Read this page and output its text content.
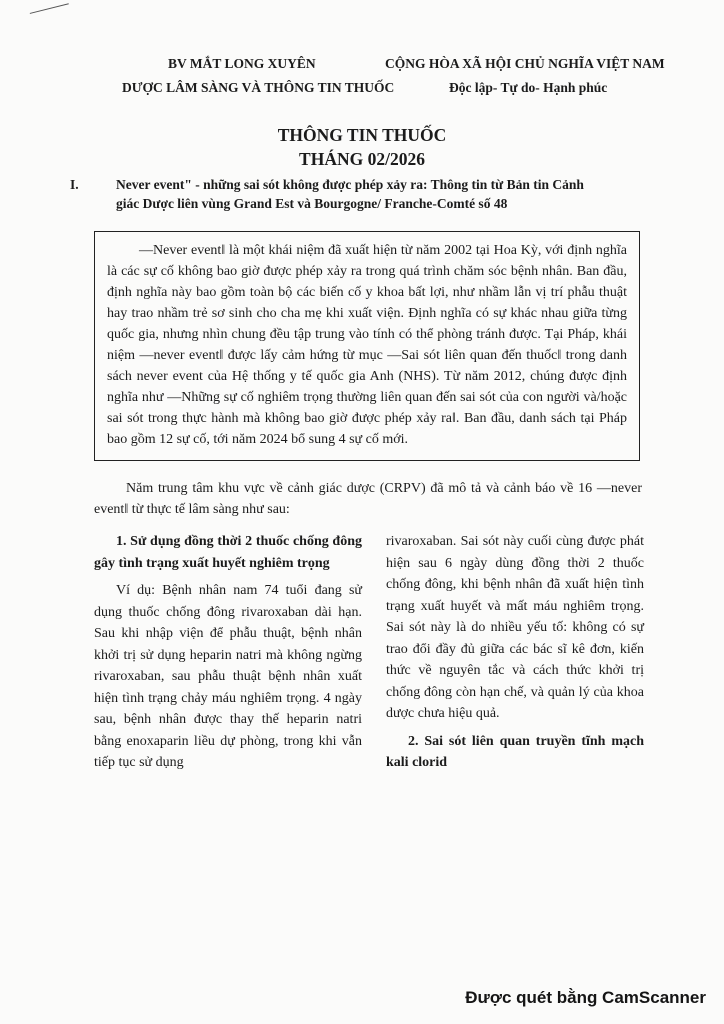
BV MẮT LONG XUYÊN
DƯỢC LÂM SÀNG VÀ THÔNG TIN THUỐC
CỘNG HÒA XÃ HỘI CHỦ NGHĨA VIỆT NAM
Độc lập- Tự do- Hạnh phúc
THÔNG TIN THUỐC
THÁNG 02/2026
I.	Never event" - những sai sót không được phép xảy ra: Thông tin từ Bản tin Cảnh giác Dược liên vùng Grand Est và Bourgogne/ Franche-Comté số 48

―Never eventǁ là một khái niệm đã xuất hiện từ năm 2002 tại Hoa Kỳ, với định nghĩa là các sự cố không bao giờ được phép xảy ra trong quá trình chăm sóc bệnh nhân. Ban đầu, định nghĩa này bao gồm toàn bộ các biến cố y khoa bất lợi, như nhầm lẫn vị trí phẫu thuật hay trao nhầm trẻ sơ sinh cho cha mẹ khi xuất viện. Định nghĩa có sự khác nhau giữa từng quốc gia, nhưng nhìn chung đều tập trung vào tính có thể phòng tránh được. Tại Pháp, khái niệm ―never eventǁ được lấy cảm hứng từ mục ―Sai sót liên quan đến thuốcǁ trong danh sách never event của Hệ thống y tế quốc gia Anh (NHS). Từ năm 2012, chúng được định nghĩa như ―Những sự cố nghiêm trọng thường liên quan đến sai sót của con người và/hoặc sai sót trong thực hành mà không bao giờ được phép xảy raǁ. Ban đầu, danh sách tại Pháp bao gồm 12 sự cố, tới năm 2024 bổ sung 4 sự cố mới.

Năm trung tâm khu vực về cảnh giác dược (CRPV) đã mô tả và cảnh báo về 16 ―never eventǁ từ thực tế lâm sàng như sau:

1. Sử dụng đồng thời 2 thuốc chống đông gây tình trạng xuất huyết nghiêm trọng

Ví dụ: Bệnh nhân nam 74 tuổi đang sử dụng thuốc chống đông rivaroxaban dài hạn. Sau khi nhập viện để phẫu thuật, bệnh nhân khởi trị sử dụng heparin natri mà không ngừng rivaroxaban, sau phẫu thuật bệnh nhân xuất hiện tình trạng chảy máu nghiêm trọng. 4 ngày sau, bệnh nhân được thay thế heparin natri bằng enoxaparin liều dự phòng, trong khi vẫn tiếp tục sử dụng

rivaroxaban. Sai sót này cuối cùng được phát hiện sau 6 ngày dùng đồng thời 2 thuốc chống đông, khi bệnh nhân đã xuất hiện tình trạng xuất huyết và mất máu nghiêm trọng. Sai sót này là do nhiều yếu tố: không có sự trao đổi đầy đủ giữa các bác sĩ kê đơn, kiến thức về nguyên tắc và cách thức khởi trị chống đông còn hạn chế, và quản lý của khoa dược chưa hiệu quả.

2. Sai sót liên quan truyền tĩnh mạch kali clorid

Được quét bằng CamScanner
